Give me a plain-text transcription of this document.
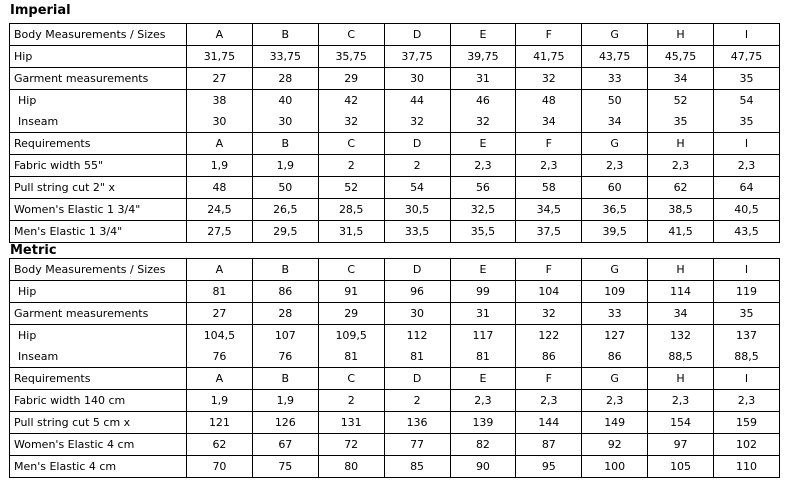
Imperial
Body Measurements / Sizes	A	B	C	D	E	F	G	H	I
Hip	31,75	33,75	35,75	37,75	39,75	41,75	43,75	45,75	47,75
Garment measurements	27	28	29	30	31	32	33	34	35
Hip	38	40	42	44	46	48	50	52	54
Inseam	30	30	32	32	32	34	34	35	35
Requirements	A	B	C	D	E	F	G	H	I
Fabric width 55"	1,9	1,9	2	2	2,3	2,3	2,3	2,3	2,3
Pull string cut 2" x	48	50	52	54	56	58	60	62	64
Women's Elastic 1 3/4"	24,5	26,5	28,5	30,5	32,5	34,5	36,5	38,5	40,5
Men's Elastic 1 3/4"	27,5	29,5	31,5	33,5	35,5	37,5	39,5	41,5	43,5
Metric
Body Measurements / Sizes	A	B	C	D	E	F	G	H	I
Hip	81	86	91	96	99	104	109	114	119
Garment measurements	27	28	29	30	31	32	33	34	35
Hip	104,5	107	109,5	112	117	122	127	132	137
Inseam	76	76	81	81	81	86	86	88,5	88,5
Requirements	A	B	C	D	E	F	G	H	I
Fabric width 140 cm	1,9	1,9	2	2	2,3	2,3	2,3	2,3	2,3
Pull string cut 5 cm x	121	126	131	136	139	144	149	154	159
Women's Elastic 4 cm	62	67	72	77	82	87	92	97	102
Men's Elastic 4 cm	70	75	80	85	90	95	100	105	110
